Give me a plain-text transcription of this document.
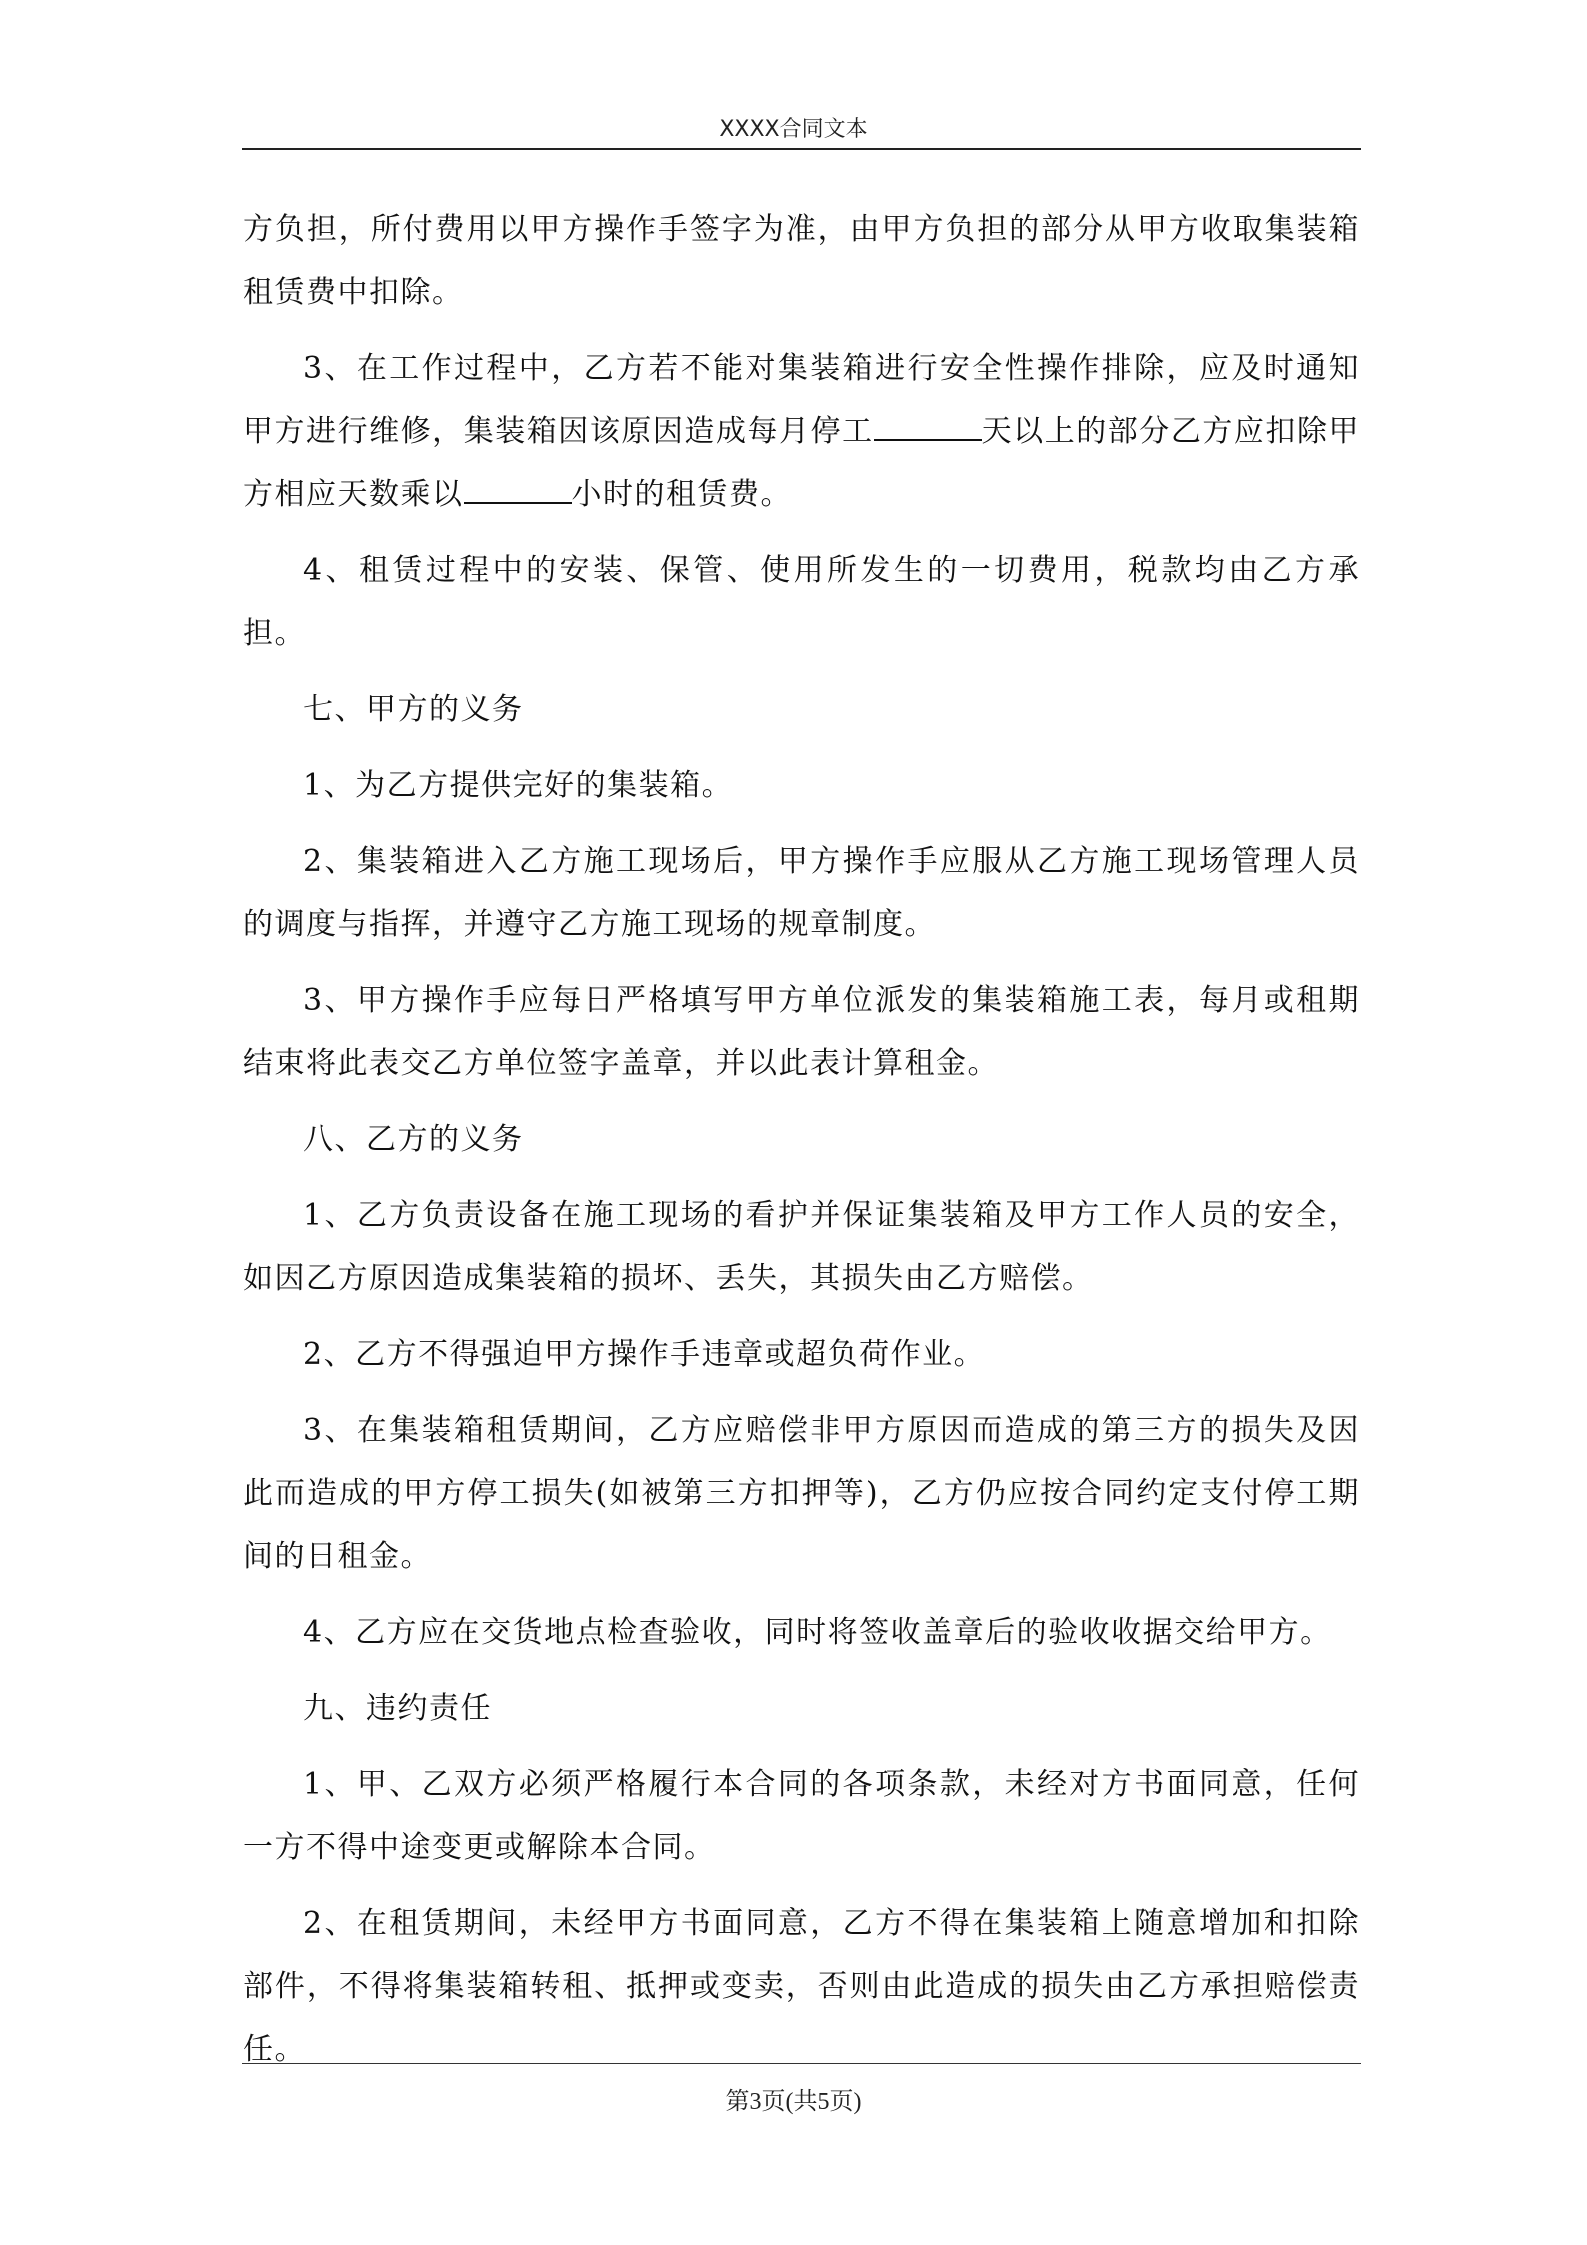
XXXX合同文本

方负担，所付费用以甲方操作手签字为准，由甲方负担的部分从甲方收取集装箱租赁费中扣除。

3、在工作过程中，乙方若不能对集装箱进行安全性操作排除，应及时通知甲方进行维修，集装箱因该原因造成每月停工	天以上的部分乙方应扣除甲方相应天数乘以	小时的租赁费。

4、租赁过程中的安装、保管、使用所发生的一切费用，税款均由乙方承担。

七、甲方的义务

1、为乙方提供完好的集装箱。

2、集装箱进入乙方施工现场后，甲方操作手应服从乙方施工现场管理人员的调度与指挥，并遵守乙方施工现场的规章制度。

3、甲方操作手应每日严格填写甲方单位派发的集装箱施工表，每月或租期结束将此表交乙方单位签字盖章，并以此表计算租金。

八、乙方的义务

1、乙方负责设备在施工现场的看护并保证集装箱及甲方工作人员的安全，如因乙方原因造成集装箱的损坏、丢失，其损失由乙方赔偿。

2、乙方不得强迫甲方操作手违章或超负荷作业。

3、在集装箱租赁期间，乙方应赔偿非甲方原因而造成的第三方的损失及因此而造成的甲方停工损失(如被第三方扣押等)，乙方仍应按合同约定支付停工期间的日租金。

4、乙方应在交货地点检查验收，同时将签收盖章后的验收收据交给甲方。

九、违约责任

1、甲、乙双方必须严格履行本合同的各项条款，未经对方书面同意，任何一方不得中途变更或解除本合同。

2、在租赁期间，未经甲方书面同意，乙方不得在集装箱上随意增加和扣除部件，不得将集装箱转租、抵押或变卖，否则由此造成的损失由乙方承担赔偿责任。

第3页(共5页)
